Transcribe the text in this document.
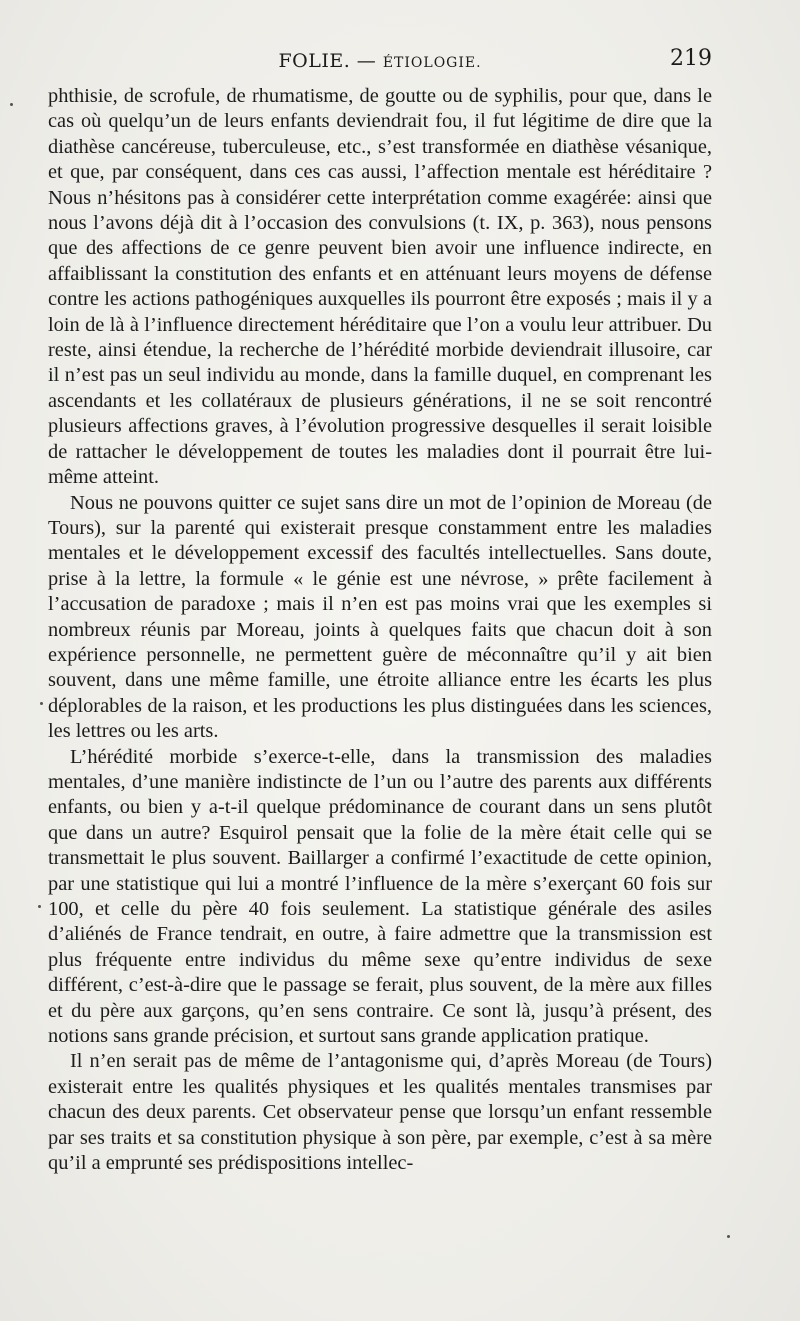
FOLIE. — ÉTIOLOGIE.	219

phthisie, de scrofule, de rhumatisme, de goutte ou de syphilis, pour que, dans le cas où quelqu’un de leurs enfants deviendrait fou, il fut légitime de dire que la diathèse cancéreuse, tuberculeuse, etc., s’est transformée en diathèse vésanique, et que, par conséquent, dans ces cas aussi, l’affection mentale est héréditaire ? Nous n’hésitons pas à considérer cette interprétation comme exagérée: ainsi que nous l’avons déjà dit à l’occasion des convulsions (t. IX, p. 363), nous pensons que des affections de ce genre peuvent bien avoir une influence indirecte, en affaiblissant la constitution des enfants et en atténuant leurs moyens de défense contre les actions pathogéniques auxquelles ils pourront être exposés ; mais il y a loin de là à l’influence directement héréditaire que l’on a voulu leur attribuer. Du reste, ainsi étendue, la recherche de l’hérédité morbide deviendrait illusoire, car il n’est pas un seul individu au monde, dans la famille duquel, en comprenant les ascendants et les collatéraux de plusieurs générations, il ne se soit rencontré plusieurs affections graves, à l’évolution progressive desquelles il serait loisible de rattacher le développement de toutes les maladies dont il pourrait être lui-même atteint.

Nous ne pouvons quitter ce sujet sans dire un mot de l’opinion de Moreau (de Tours), sur la parenté qui existerait presque constamment entre les maladies mentales et le développement excessif des facultés intellectuelles. Sans doute, prise à la lettre, la formule « le génie est une névrose, » prête facilement à l’accusation de paradoxe ; mais il n’en est pas moins vrai que les exemples si nombreux réunis par Moreau, joints à quelques faits que chacun doit à son expérience personnelle, ne permettent guère de méconnaître qu’il y ait bien souvent, dans une même famille, une étroite alliance entre les écarts les plus déplorables de la raison, et les productions les plus distinguées dans les sciences, les lettres ou les arts.

L’hérédité morbide s’exerce-t-elle, dans la transmission des maladies mentales, d’une manière indistincte de l’un ou l’autre des parents aux différents enfants, ou bien y a-t-il quelque prédominance de courant dans un sens plutôt que dans un autre? Esquirol pensait que la folie de la mère était celle qui se transmettait le plus souvent. Baillarger a confirmé l’exactitude de cette opinion, par une statistique qui lui a montré l’influence de la mère s’exerçant 60 fois sur 100, et celle du père 40 fois seulement. La statistique générale des asiles d’aliénés de France tendrait, en outre, à faire admettre que la transmission est plus fréquente entre individus du même sexe qu’entre individus de sexe différent, c’est-à-dire que le passage se ferait, plus souvent, de la mère aux filles et du père aux garçons, qu’en sens contraire. Ce sont là, jusqu’à présent, des notions sans grande précision, et surtout sans grande application pratique.

Il n’en serait pas de même de l’antagonisme qui, d’après Moreau (de Tours) existerait entre les qualités physiques et les qualités mentales transmises par chacun des deux parents. Cet observateur pense que lorsqu’un enfant ressemble par ses traits et sa constitution physique à son père, par exemple, c’est à sa mère qu’il a emprunté ses prédispositions intellec-
